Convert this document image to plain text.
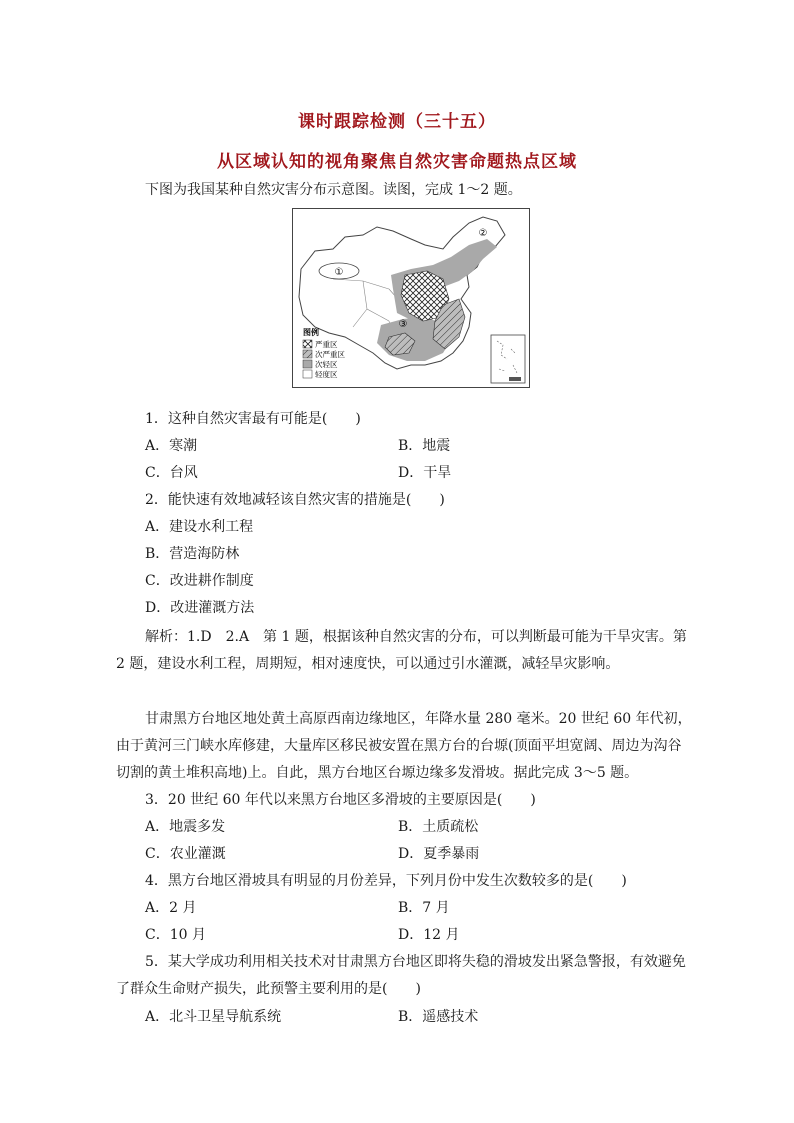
课时跟踪检测（三十五）
从区域认知的视角聚焦自然灾害命题热点区域
下图为我国某种自然灾害分布示意图。读图，完成 1～2 题。
①
②
③
图例
严重区
次严重区
次轻区
轻度区
1．这种自然灾害最有可能是(　　)
A．寒潮	B．地震
C．台风	D．干旱
2．能快速有效地减轻该自然灾害的措施是(　　)
A．建设水利工程
B．营造海防林
C．改进耕作制度
D．改进灌溉方法
解析：1.D　2.A　第 1 题，根据该种自然灾害的分布，可以判断最可能为干旱灾害。第
2 题，建设水利工程，周期短，相对速度快，可以通过引水灌溉，减轻旱灾影响。
甘肃黑方台地区地处黄土高原西南边缘地区，年降水量 280 毫米。20 世纪 60 年代初，
由于黄河三门峡水库修建，大量库区移民被安置在黑方台的台塬(顶面平坦宽阔、周边为沟谷
切割的黄土堆积高地)上。自此，黑方台地区台塬边缘多发滑坡。据此完成 3～5 题。
3．20 世纪 60 年代以来黑方台地区多滑坡的主要原因是(　　)
A．地震多发	B．土质疏松
C．农业灌溉	D．夏季暴雨
4．黑方台地区滑坡具有明显的月份差异，下列月份中发生次数较多的是(　　)
A．2 月	B．7 月
C．10 月	D．12 月
5．某大学成功利用相关技术对甘肃黑方台地区即将失稳的滑坡发出紧急警报，有效避免
了群众生命财产损失，此预警主要利用的是(　　)
A．北斗卫星导航系统	B．遥感技术
